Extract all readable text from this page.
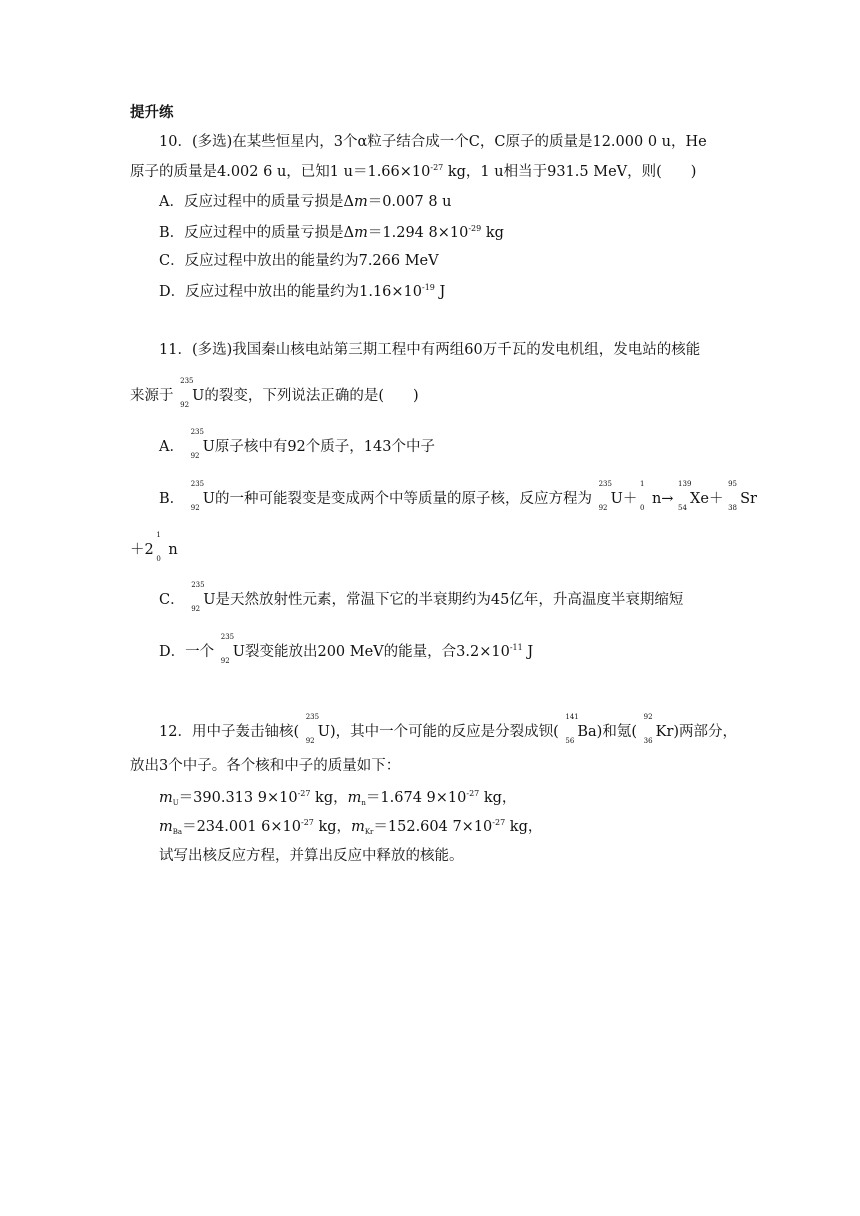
提升练
10．(多选)在某些恒星内，3个α粒子结合成一个C，C原子的质量是12.000 0 u，He
原子的质量是4.002 6 u，已知1 $u=1.66\times 10^{-27}$ kg，1 u相当于931.5 MeV，则(　　)
A．反应过程中的质量亏损是Δm＝0.007 8 u
B．反应过程中的质量亏损是Δm＝1.294 $8\times 10^{-29}$ kg
C．反应过程中放出的能量约为7.266 MeV
D．反应过程中放出的能量约为$1.16\times 10^{-19}$ J
11．(多选)我国秦山核电站第三期工程中有两组60万千瓦的发电机组，发电站的核能
来源于
235
92
U的裂变，下列说法正确的是(　　)
A．
235
92
U原子核中有92个质子，143个中子
B．
235
92
U的一种可能裂变是变成两个中等质量的原子核，反应方程为
235
92
U＋
1
0
n→
139
54
Xe＋
95
38
Sr
＋2
1
0
n
C．
235
92
U是天然放射性元素，常温下它的半衰期约为45亿年，升高温度半衰期缩短
D．一个
235
92
U裂变能放出200 MeV的能量，合$3.2\times 10^{-11}$ J
12．用中子轰击铀核(
235
92
U)，其中一个可能的反应是分裂成钡(
141
56
Ba)和氪(
92
36
Kr)两部分，
放出3个中子。各个核和中子的质量如下：
$m_U=390.313$ $9\times 10^{-27}$ kg，$m_n=1.674$ $9\times 10^{-27}$ kg，
$m_{Ba}=234.001$ $6\times 10^{-27}$ kg，$m_{Kr}=152.604$ $7\times 10^{-27}$ kg，
试写出核反应方程，并算出反应中释放的核能。
